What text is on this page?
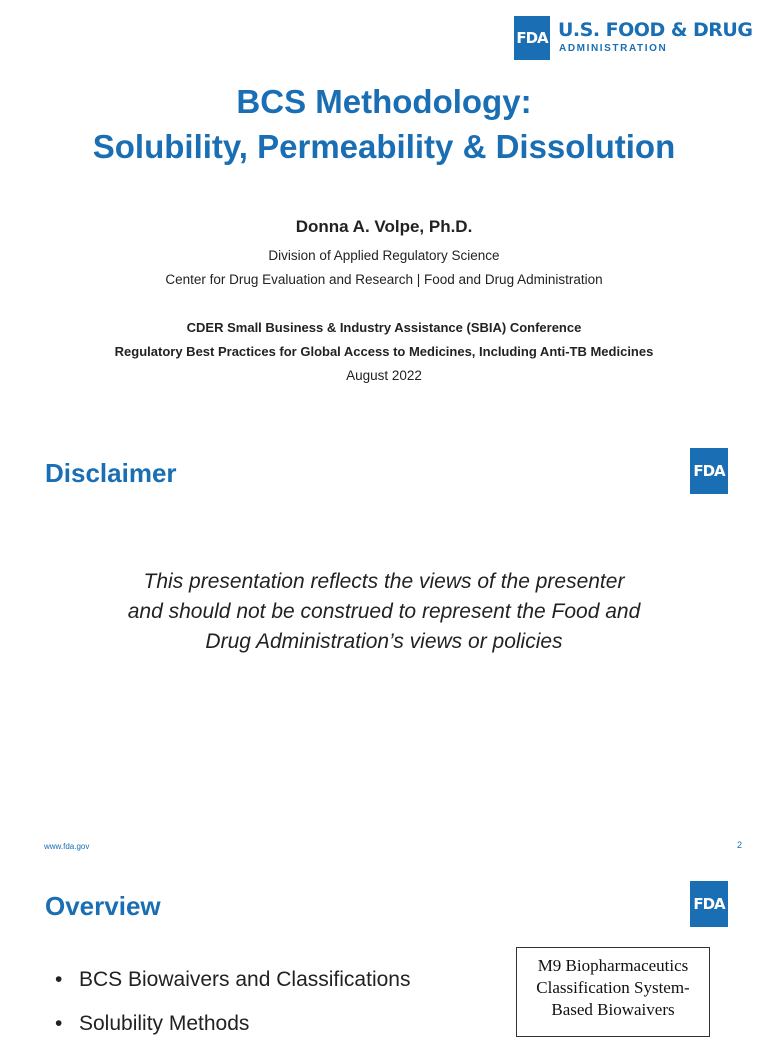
FDA U.S. FOOD & DRUG
ADMINISTRATION
BCS Methodology:
Solubility, Permeability & Dissolution
Donna A. Volpe, Ph.D.
Division of Applied Regulatory Science
Center for Drug Evaluation and Research | Food and Drug Administration
CDER Small Business & Industry Assistance (SBIA) Conference
Regulatory Best Practices for Global Access to Medicines, Including Anti-TB Medicines
August 2022
Disclaimer	FDA
This presentation reflects the views of the presenter
and should not be construed to represent the Food and
Drug Administration’s views or policies
www.fda.gov	2
Overview	FDA
• BCS Biowaivers and Classifications
• Solubility Methods
M9 Biopharmaceutics
Classification System-
Based Biowaivers
